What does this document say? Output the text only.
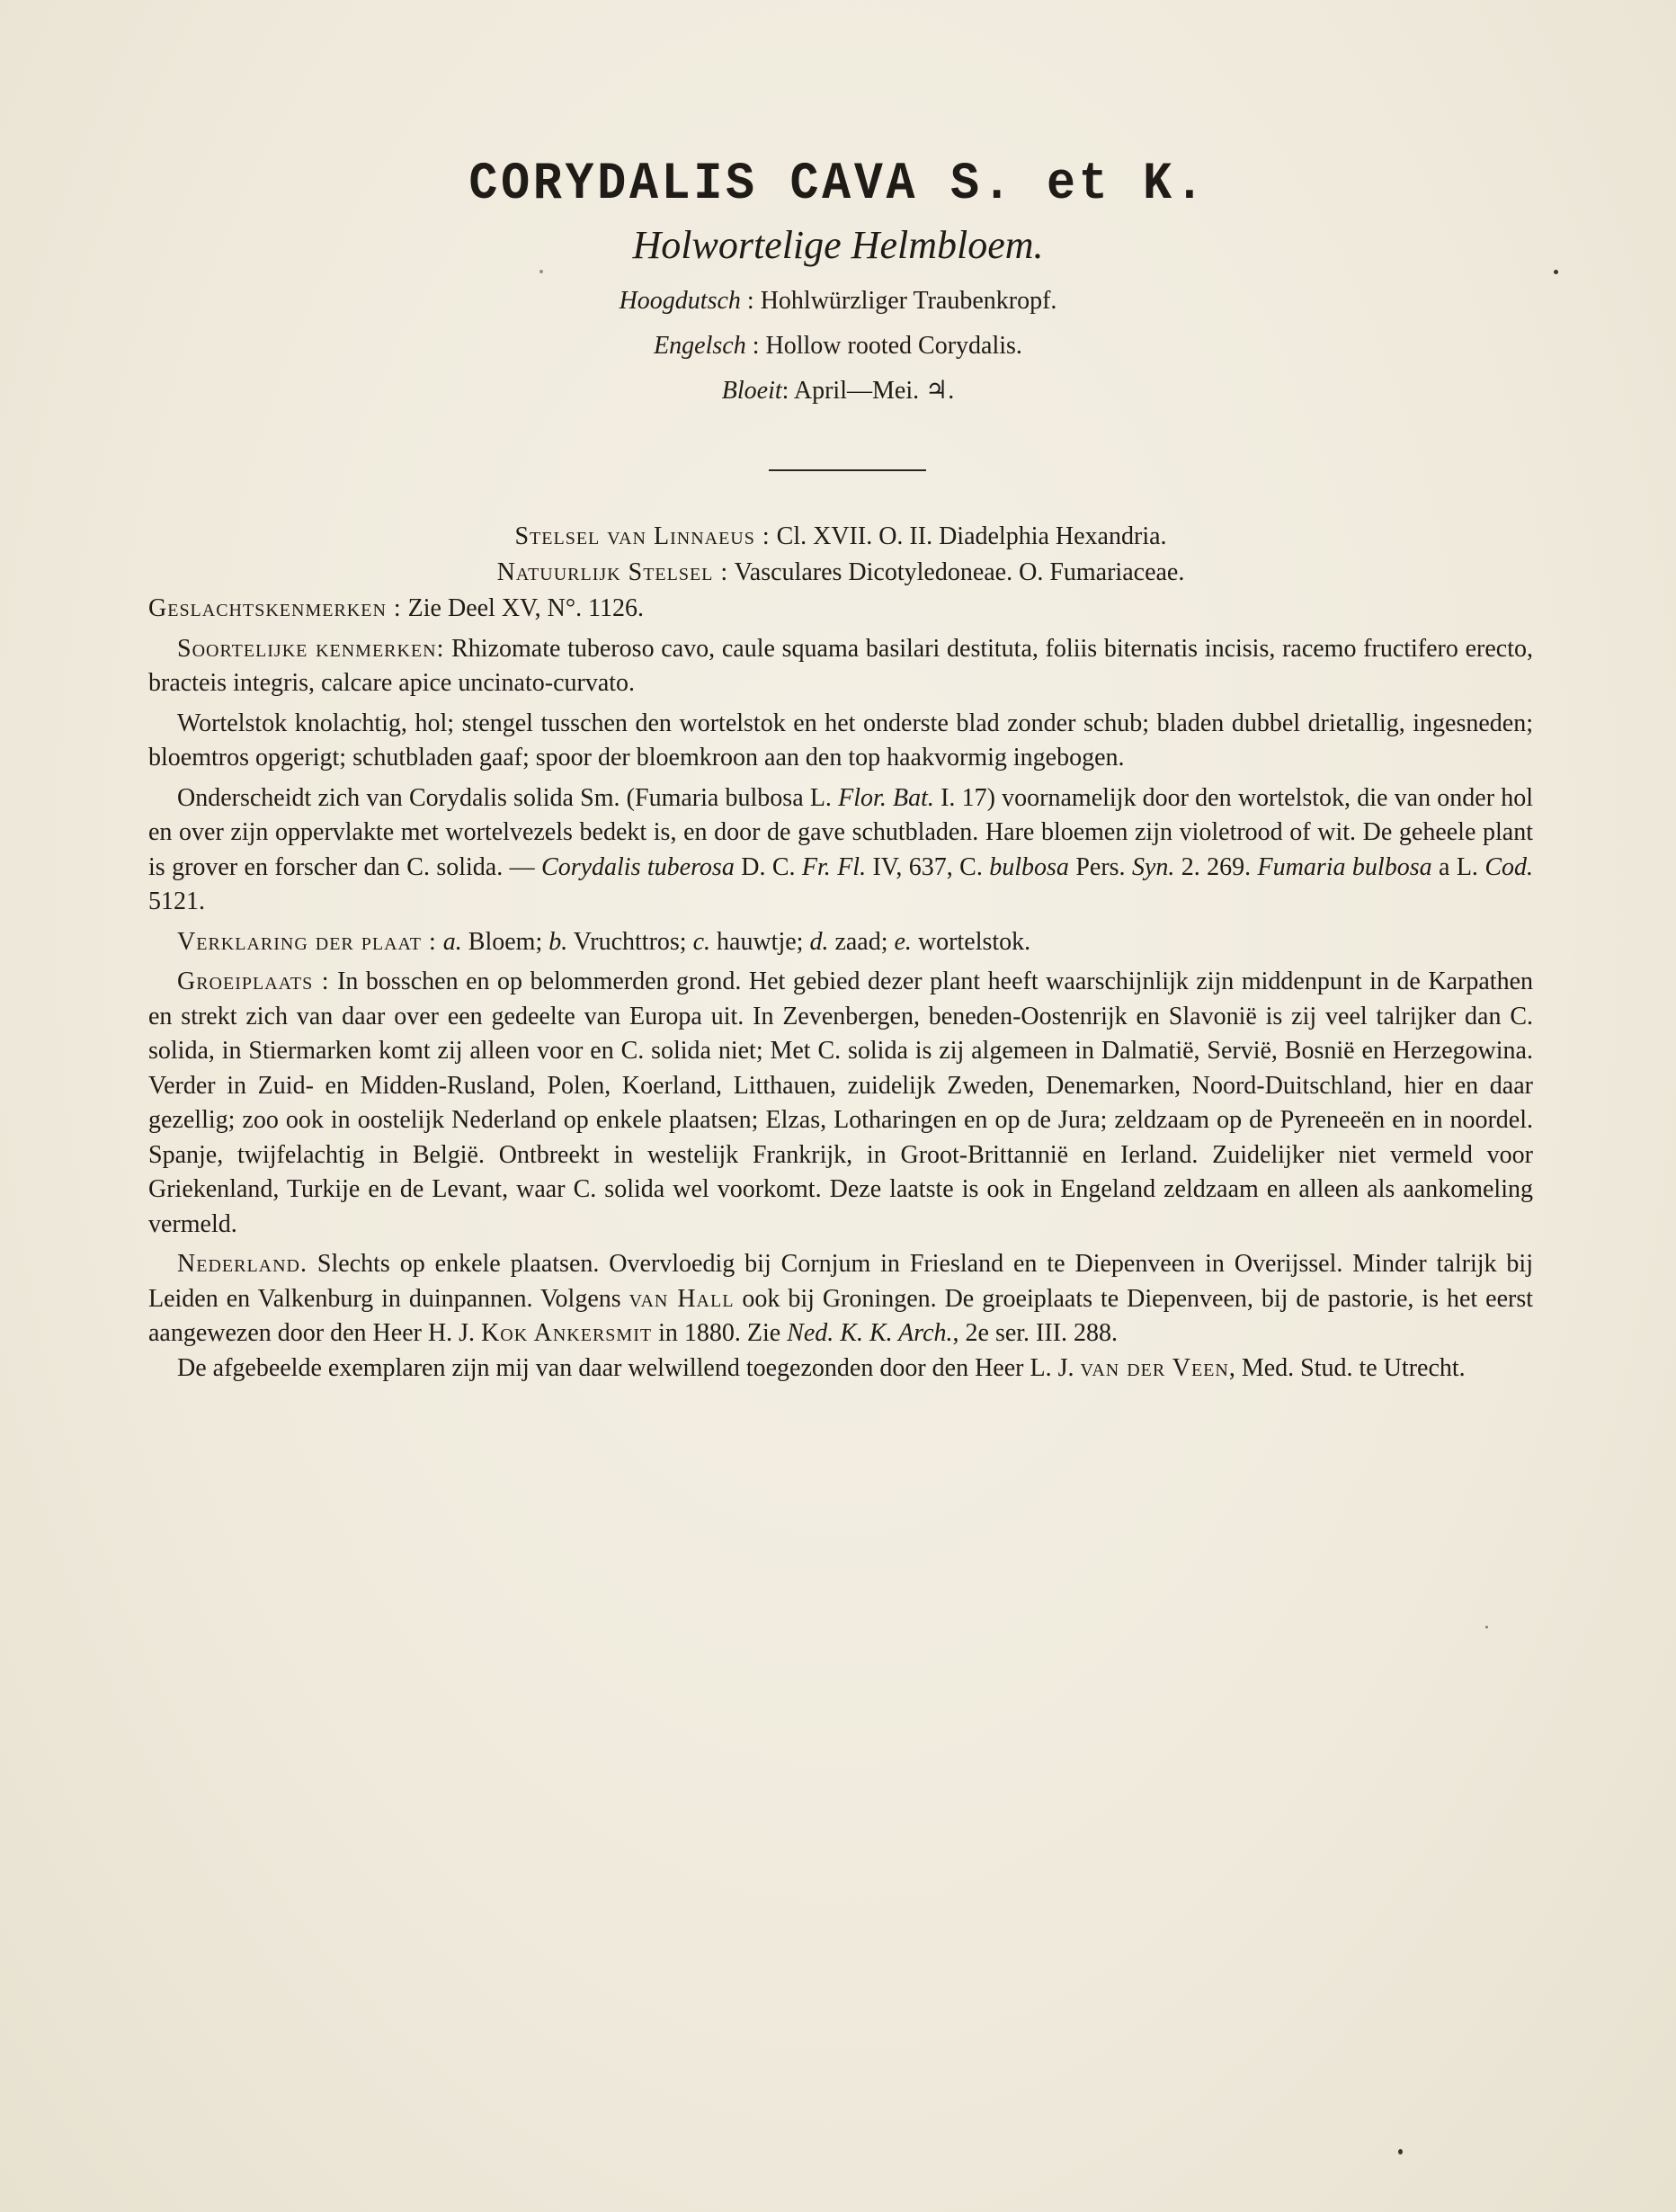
CORYDALIS CAVA S. et K.

Holwortelige Helmbloem.

Hoogdutsch : Hohlwürzliger Traubenkropf.
Engelsch : Hollow rooted Corydalis.
Bloeit: April—Mei. ♃.
Stelsel van Linnaeus : Cl. XVII. O. II. Diadelphia Hexandria.
Natuurlijk Stelsel : Vasculares Dicotyledoneae. O. Fumariaceae.
Geslachtskenmerken : Zie Deel XV, N°. 1126.

Soortelijke kenmerken: Rhizomate tuberoso cavo, caule squama basilari destituta, foliis biternatis incisis, racemo fructifero erecto, bracteis integris, calcare apice uncinato-curvato.

Wortelstok knolachtig, hol; stengel tusschen den wortelstok en het onderste blad zonder schub; bladen dubbel drietallig, ingesneden; bloemtros opgerigt; schutbladen gaaf; spoor der bloemkroon aan den top haakvormig ingebogen.

Onderscheidt zich van Corydalis solida Sm. (Fumaria bulbosa L. Flor. Bat. I. 17) voornamelijk door den wortelstok, die van onder hol en over zijn oppervlakte met wortelvezels bedekt is, en door de gave schutbladen. Hare bloemen zijn violetrood of wit. De geheele plant is grover en forscher dan C. solida. — Corydalis tuberosa D. C. Fr. Fl. IV, 637, C. bulbosa Pers. Syn. 2. 269. Fumaria bulbosa a L. Cod. 5121.

Verklaring der plaat : a. Bloem; b. Vruchttros; c. hauwtje; d. zaad; e. wortelstok.

Groeiplaats : In bosschen en op belommerden grond. Het gebied dezer plant heeft waarschijnlijk zijn middenpunt in de Karpathen en strekt zich van daar over een gedeelte van Europa uit. In Zevenbergen, beneden-Oostenrijk en Slavonië is zij veel talrijker dan C. solida, in Stiermarken komt zij alleen voor en C. solida niet; Met C. solida is zij algemeen in Dalmatië, Servië, Bosnië en Herzegowina. Verder in Zuid- en Midden-Rusland, Polen, Koerland, Litthauen, zuidelijk Zweden, Denemarken, Noord-Duitschland, hier en daar gezellig; zoo ook in oostelijk Nederland op enkele plaatsen; Elzas, Lotharingen en op de Jura; zeldzaam op de Pyreneeën en in noordel. Spanje, twijfelachtig in België. Ontbreekt in westelijk Frankrijk, in Groot-Brittannië en Ierland. Zuidelijker niet vermeld voor Griekenland, Turkije en de Levant, waar C. solida wel voorkomt. Deze laatste is ook in Engeland zeldzaam en alleen als aankomeling vermeld.

Nederland. Slechts op enkele plaatsen. Overvloedig bij Cornjum in Friesland en te Diepenveen in Overijssel. Minder talrijk bij Leiden en Valkenburg in duinpannen. Volgens van Hall ook bij Groningen. De groeiplaats te Diepenveen, bij de pastorie, is het eerst aangewezen door den Heer H. J. Kok Ankersmit in 1880. Zie Ned. K. K. Arch., 2e ser. III. 288.

De afgebeelde exemplaren zijn mij van daar welwillend toegezonden door den Heer L. J. van der Veen, Med. Stud. te Utrecht.
